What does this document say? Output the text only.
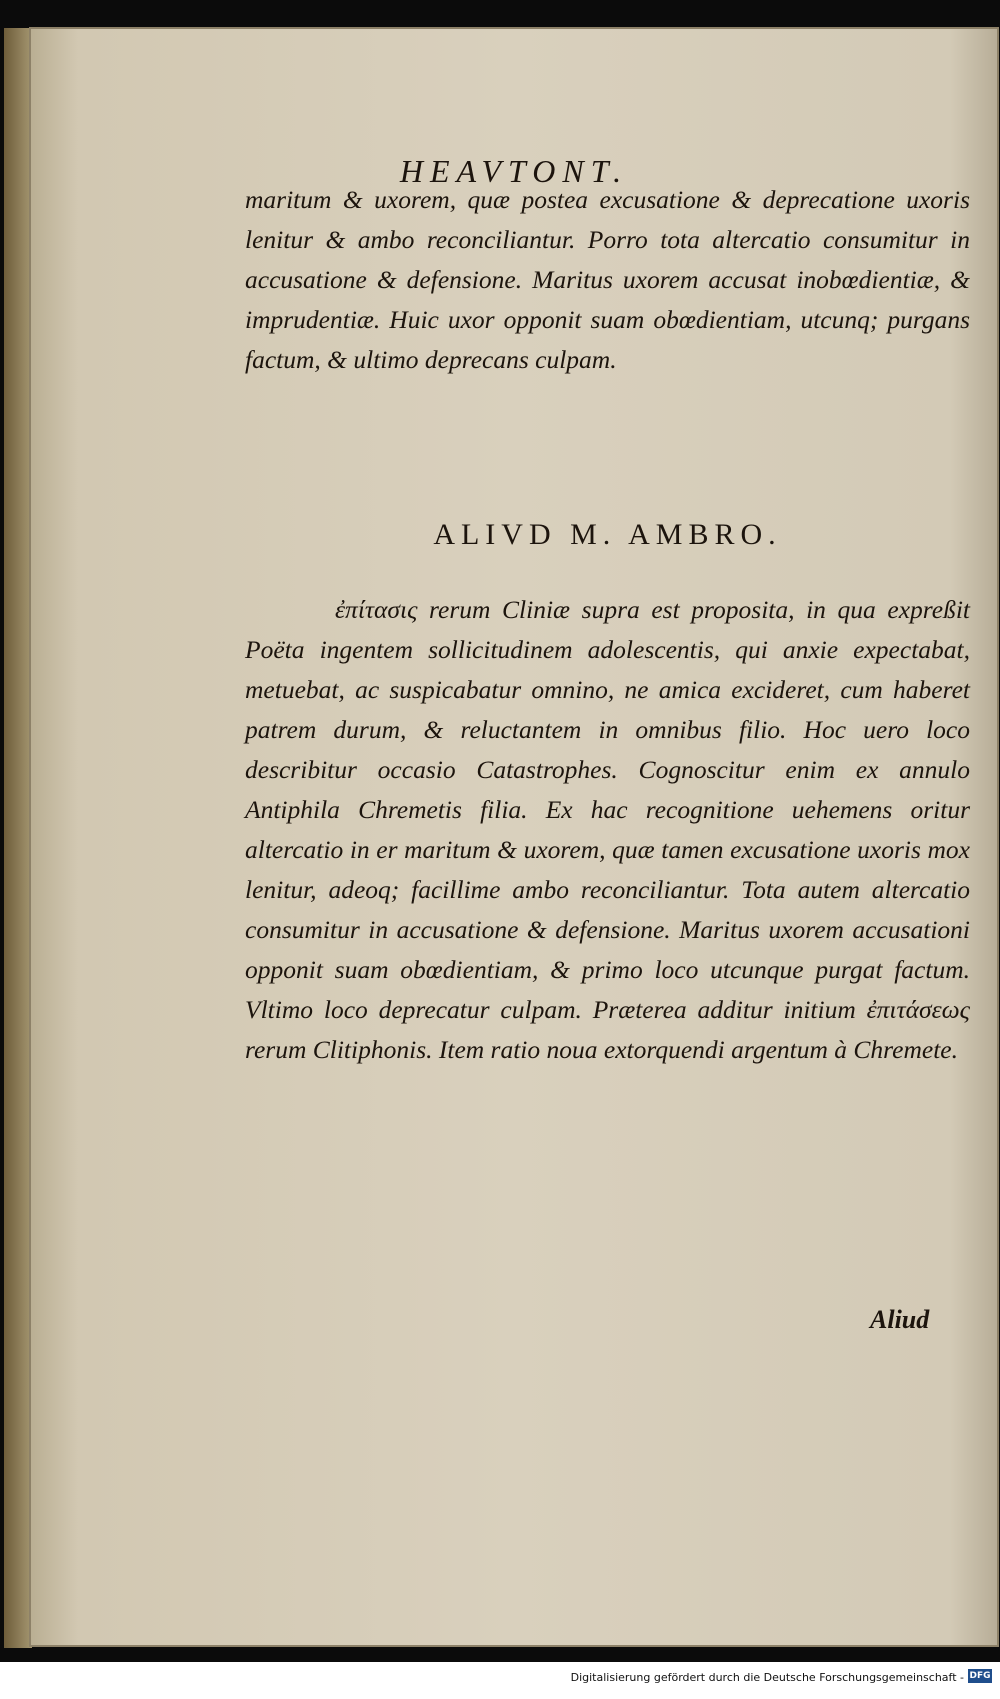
HEAVTONT.

maritum & uxorem, quæ postea excusatione & deprecatione uxoris lenitur & ambo reconciliantur. Porro tota altercatio consumitur in accusatione & defensione. Maritus uxorem accusat inobœdientiæ, & imprudentiæ. Huic uxor opponit suam obœdientiam, utcunq; purgans factum, & ultimo deprecans culpam.

ALIVD M. AMBRO.

ἐπίτασις rerum Cliniæ supra est proposita, in qua expreßit Poëta ingentem sollicitudinem adolescentis, qui anxie expectabat, metuebat, ac suspicabatur omnino, ne amica excideret, cum haberet patrem durum, & reluctantem in omnibus filio. Hoc uero loco describitur occasio Catastrophes. Cognoscitur enim ex annulo Antiphila Chremetis filia. Ex hac recognitione uehemens oritur altercatio in er maritum & uxorem, quæ tamen excusatione uxoris mox lenitur, adeoq; facillime ambo reconciliantur. Tota autem altercatio consumitur in accusatione & defensione. Maritus uxorem accusationi opponit suam obœdientiam, & primo loco utcunque purgat factum. Vltimo loco deprecatur culpam. Præterea additur initium ἐπιτάσεως rerum Clitiphonis. Item ratio noua extorquendi argentum à Chremete.

Aliud
Digitalisierung gefördert durch die Deutsche Forschungsgemeinschaft - DFG
